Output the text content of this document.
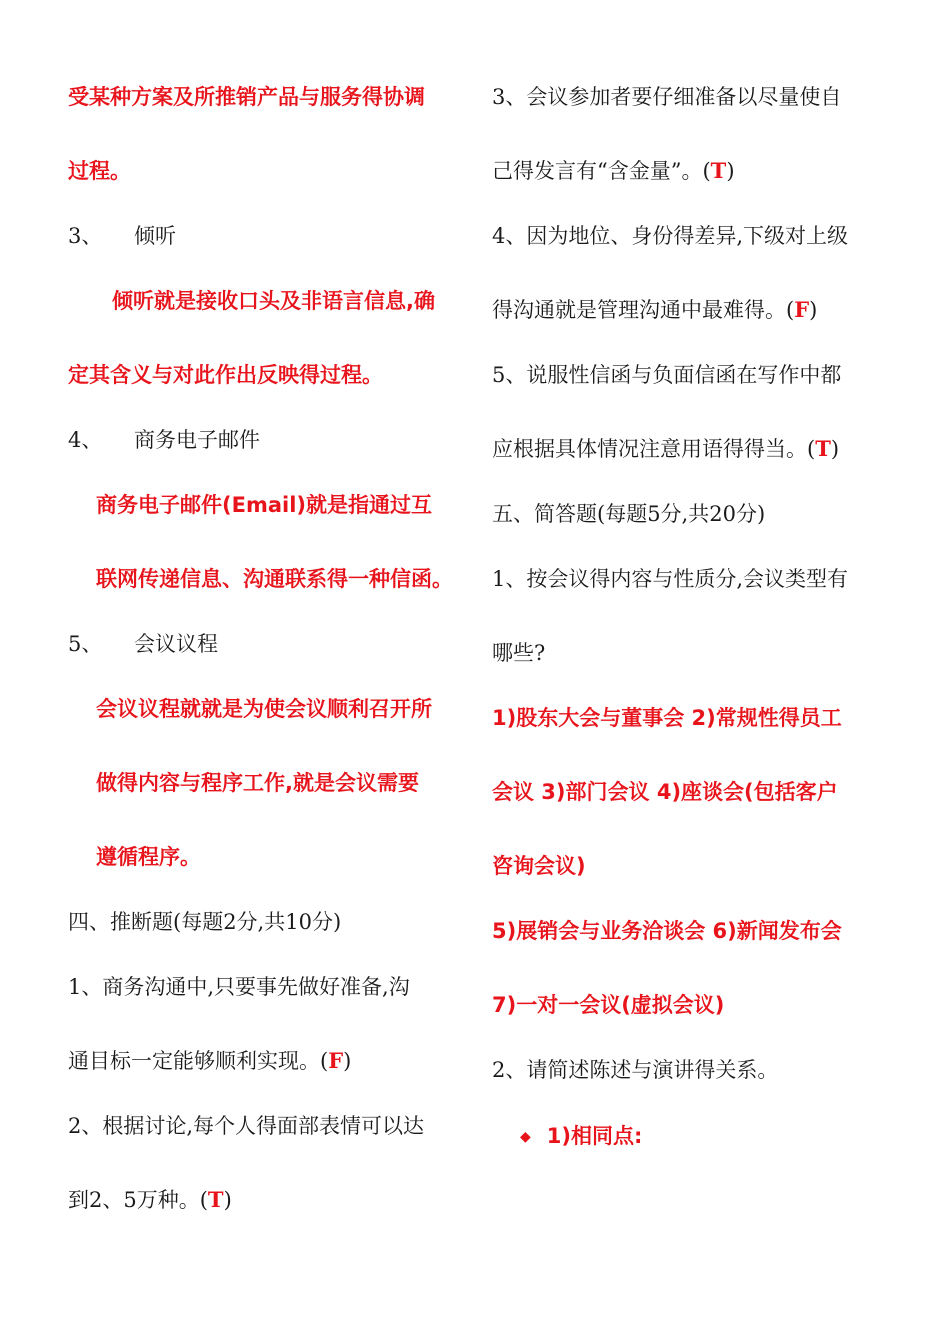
受某种方案及所推销产品与服务得协调
过程。
3、 倾听
倾听就是接收口头及非语言信息,确
定其含义与对此作出反映得过程。
4、 商务电子邮件
商务电子邮件(Email)就是指通过互
联网传递信息、沟通联系得一种信函。
5、 会议议程
会议议程就就是为使会议顺利召开所
做得内容与程序工作,就是会议需要
遵循程序。
四、推断题(每题2分,共10分)
1、商务沟通中,只要事先做好准备,沟
通目标一定能够顺利实现。(F)
2、根据讨论,每个人得面部表情可以达
到2、5万种。(T)
3、会议参加者要仔细准备以尽量使自
己得发言有“含金量”。(T)
4、因为地位、身份得差异,下级对上级
得沟通就是管理沟通中最难得。(F)
5、说服性信函与负面信函在写作中都
应根据具体情况注意用语得得当。(T)
五、简答题(每题5分,共20分)
1、按会议得内容与性质分,会议类型有
哪些?
1)股东大会与董事会 2)常规性得员工
会议 3)部门会议 4)座谈会(包括客户
咨询会议)
5)展销会与业务洽谈会 6)新闻发布会
7)一对一会议(虚拟会议)
2、请简述陈述与演讲得关系。
◆ 1)相同点:
